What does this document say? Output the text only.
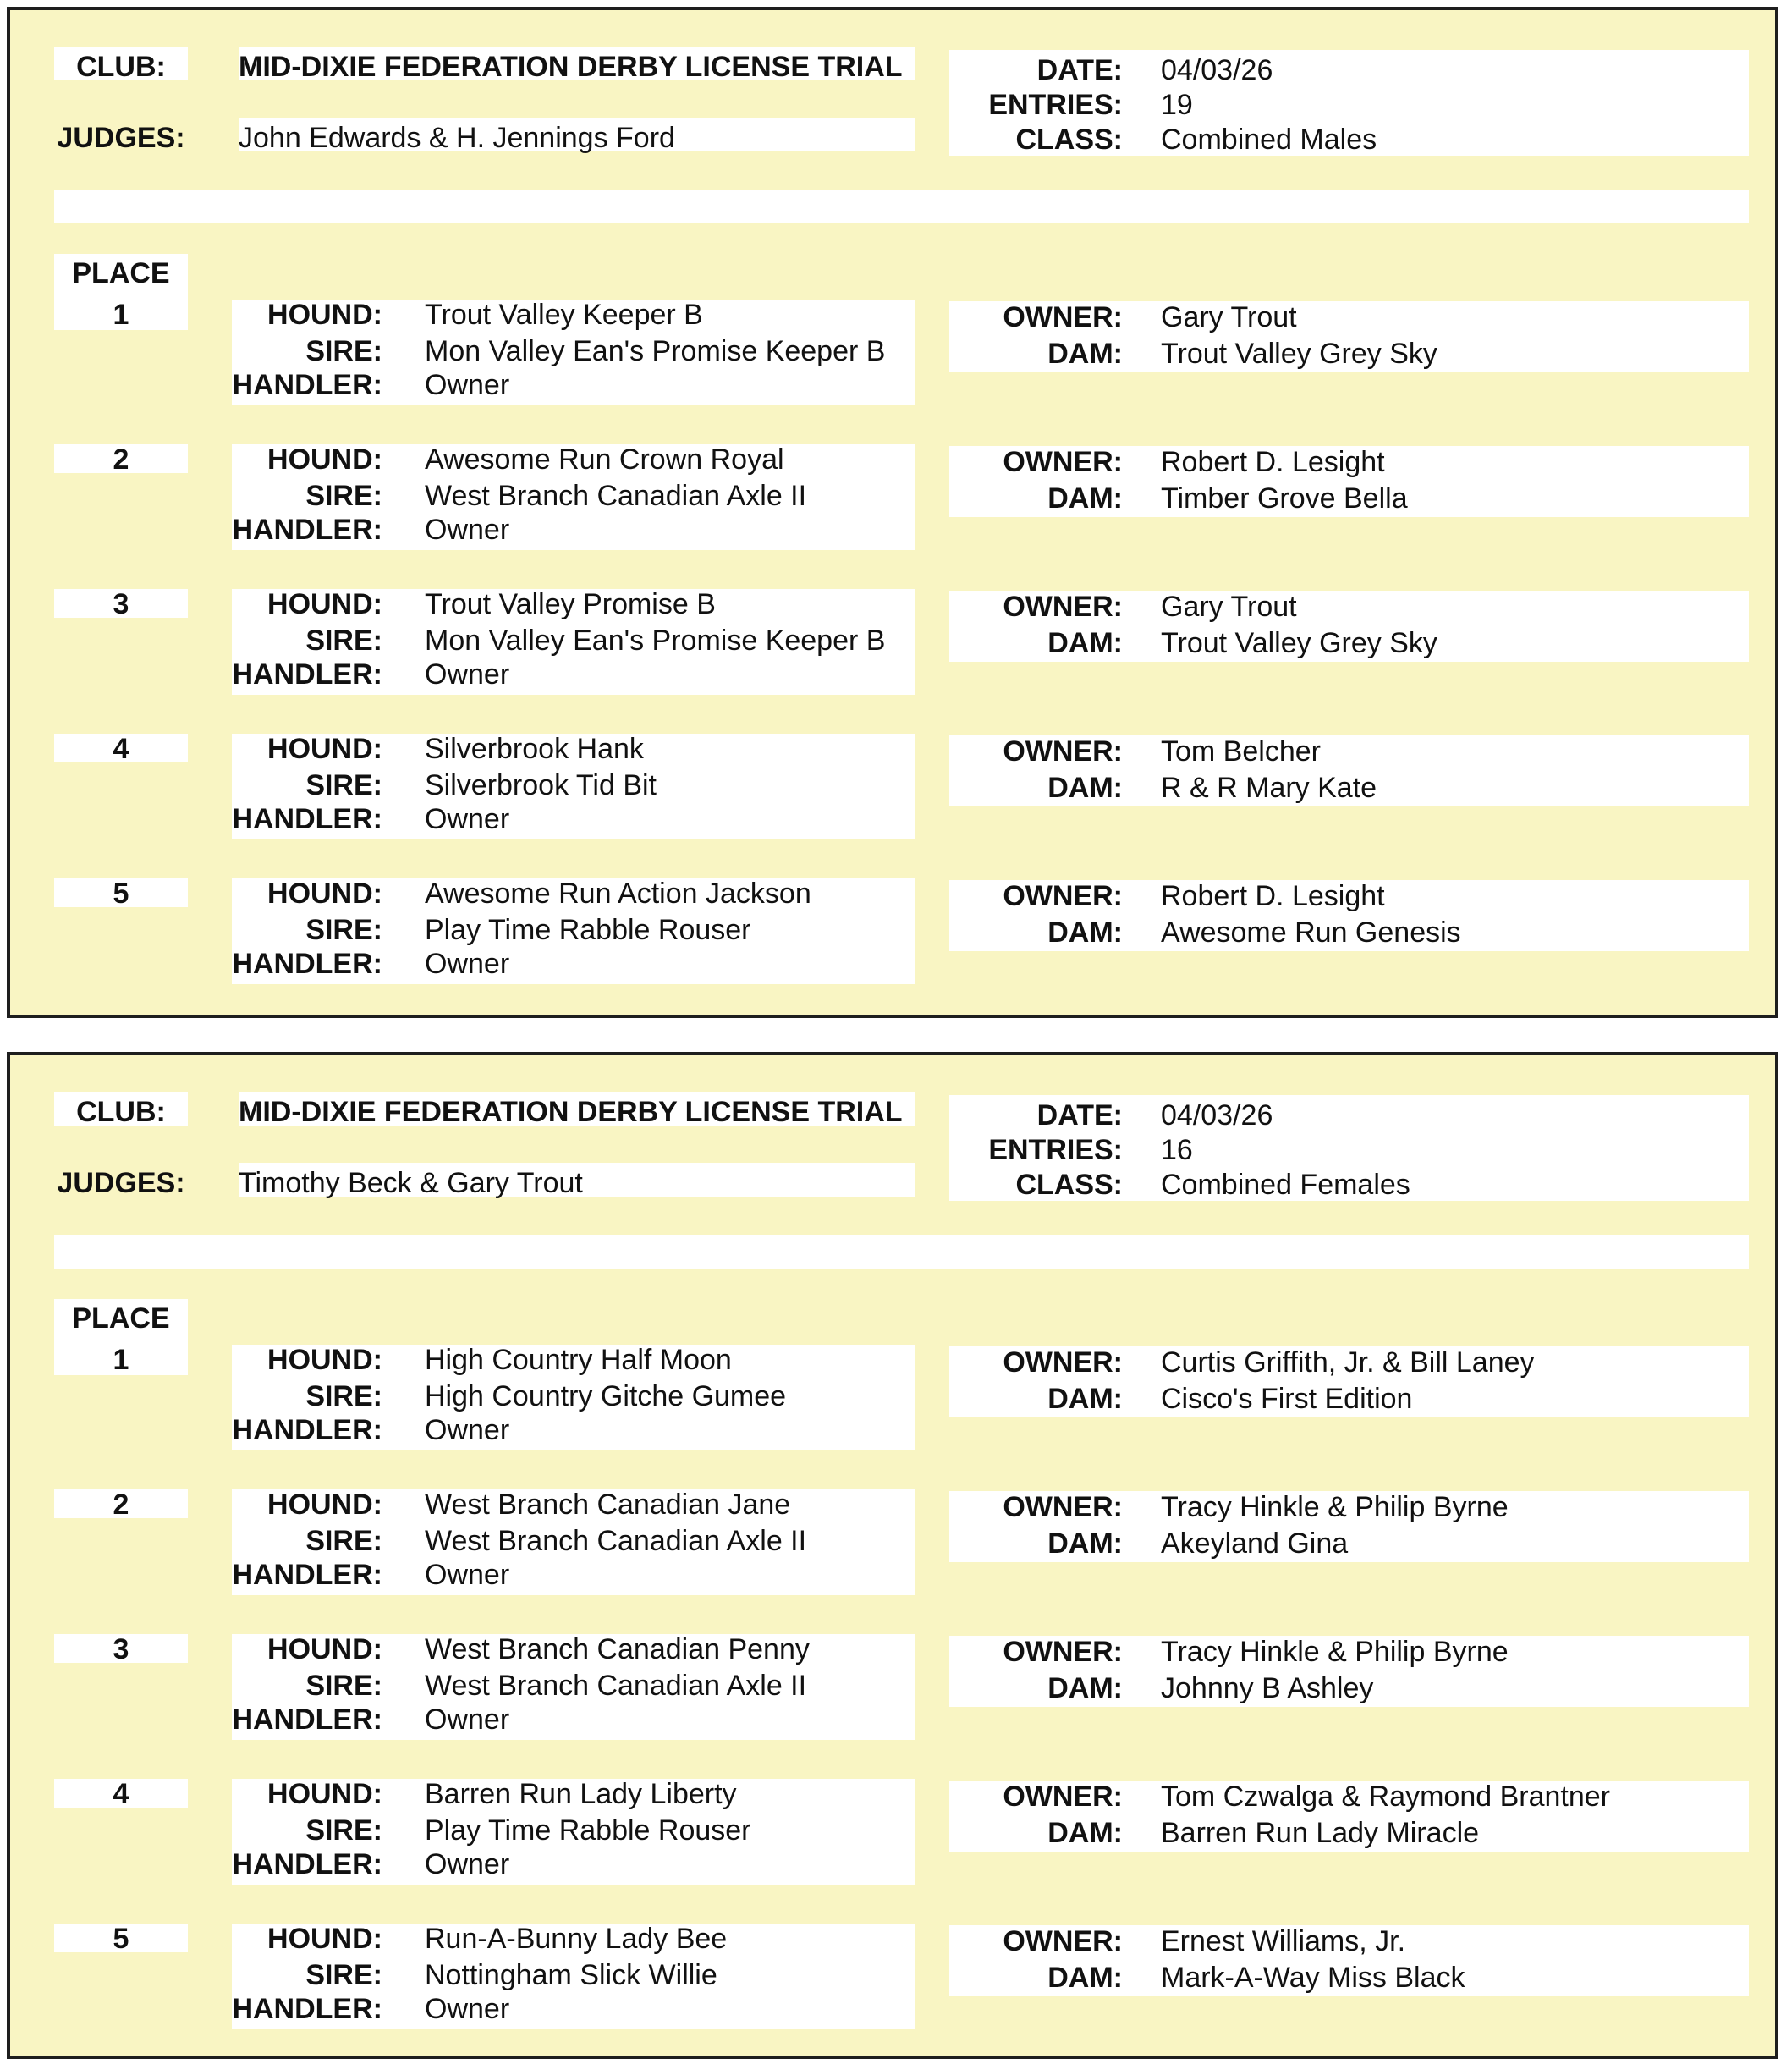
CLUB:	MID-DIXIE FEDERATION DERBY LICENSE TRIAL
JUDGES: John Edwards & H. Jennings Ford
DATE: 04/03/26
ENTRIES: 19
CLASS: Combined Males
PLACE
1	HOUND: Trout Valley Keeper B
SIRE: Mon Valley Ean's Promise Keeper B
HANDLER: Owner
OWNER: Gary Trout
DAM: Trout Valley Grey Sky
2	HOUND: Awesome Run Crown Royal
SIRE: West Branch Canadian Axle II
HANDLER: Owner
OWNER: Robert D. Lesight
DAM: Timber Grove Bella
3	HOUND: Trout Valley Promise B
SIRE: Mon Valley Ean's Promise Keeper B
HANDLER: Owner
OWNER: Gary Trout
DAM: Trout Valley Grey Sky
4	HOUND: Silverbrook Hank
SIRE: Silverbrook Tid Bit
HANDLER: Owner
OWNER: Tom Belcher
DAM: R & R Mary Kate
5	HOUND: Awesome Run Action Jackson
SIRE: Play Time Rabble Rouser
HANDLER: Owner
OWNER: Robert D. Lesight
DAM: Awesome Run Genesis
CLUB:	MID-DIXIE FEDERATION DERBY LICENSE TRIAL
JUDGES: Timothy Beck & Gary Trout
DATE: 04/03/26
ENTRIES: 16
CLASS: Combined Females
PLACE
1	HOUND: High Country Half Moon
SIRE: High Country Gitche Gumee
HANDLER: Owner
OWNER: Curtis Griffith, Jr. & Bill Laney
DAM: Cisco's First Edition
2	HOUND: West Branch Canadian Jane
SIRE: West Branch Canadian Axle II
HANDLER: Owner
OWNER: Tracy Hinkle & Philip Byrne
DAM: Akeyland Gina
3	HOUND: West Branch Canadian Penny
SIRE: West Branch Canadian Axle II
HANDLER: Owner
OWNER: Tracy Hinkle & Philip Byrne
DAM: Johnny B Ashley
4	HOUND: Barren Run Lady Liberty
SIRE: Play Time Rabble Rouser
HANDLER: Owner
OWNER: Tom Czwalga & Raymond Brantner
DAM: Barren Run Lady Miracle
5	HOUND: Run-A-Bunny Lady Bee
SIRE: Nottingham Slick Willie
HANDLER: Owner
OWNER: Ernest Williams, Jr.
DAM: Mark-A-Way Miss Black
